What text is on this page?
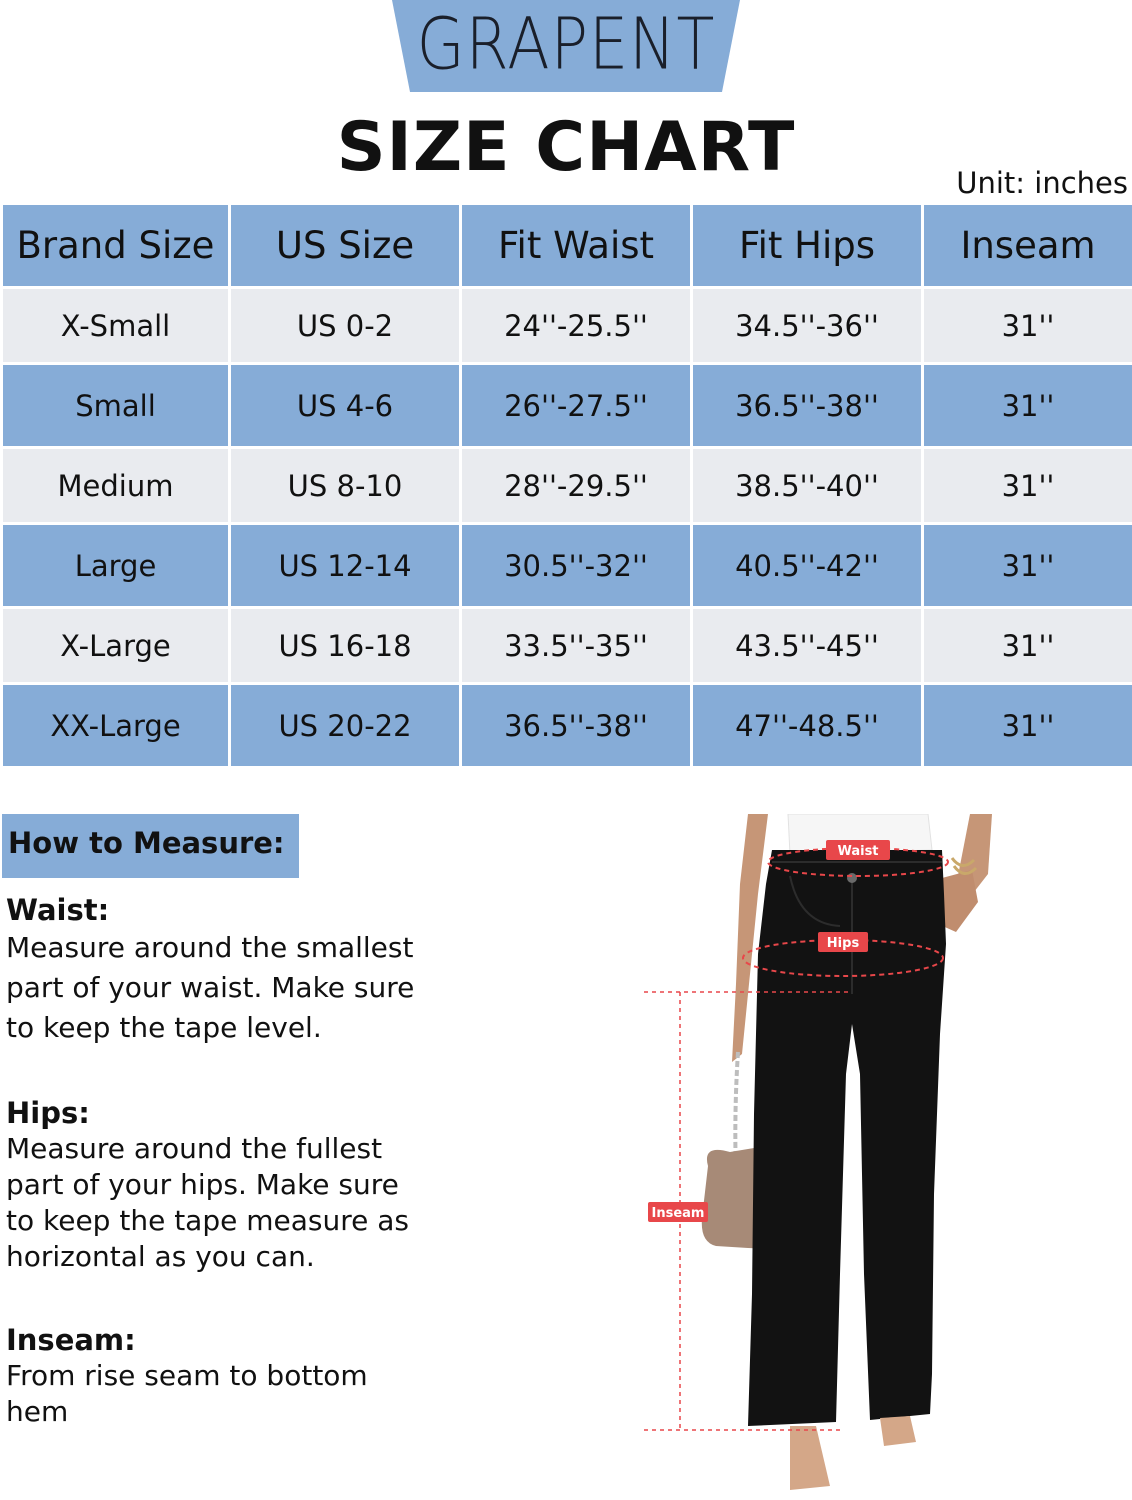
GRAPENT
SIZE CHART	Unit: inches
Brand Size	US Size	Fit Waist	Fit Hips	Inseam
X-Small	US 0-2	24''-25.5''	34.5''-36''	31''
Small	US 4-6	26''-27.5''	36.5''-38''	31''
Medium	US 8-10	28''-29.5''	38.5''-40''	31''
Large	US 12-14	30.5''-32''	40.5''-42''	31''
X-Large	US 16-18	33.5''-35''	43.5''-45''	31''
XX-Large	US 20-22	36.5''-38''	47''-48.5''	31''
How to Measure:
Waist:
Measure around the smallest
part of your waist. Make sure
to keep the tape level.
Hips:
Measure around the fullest
part of your hips. Make sure
to keep the tape measure as
horizontal as you can.
Inseam:
From rise seam to bottom
hem
Waist
Hips
Inseam
